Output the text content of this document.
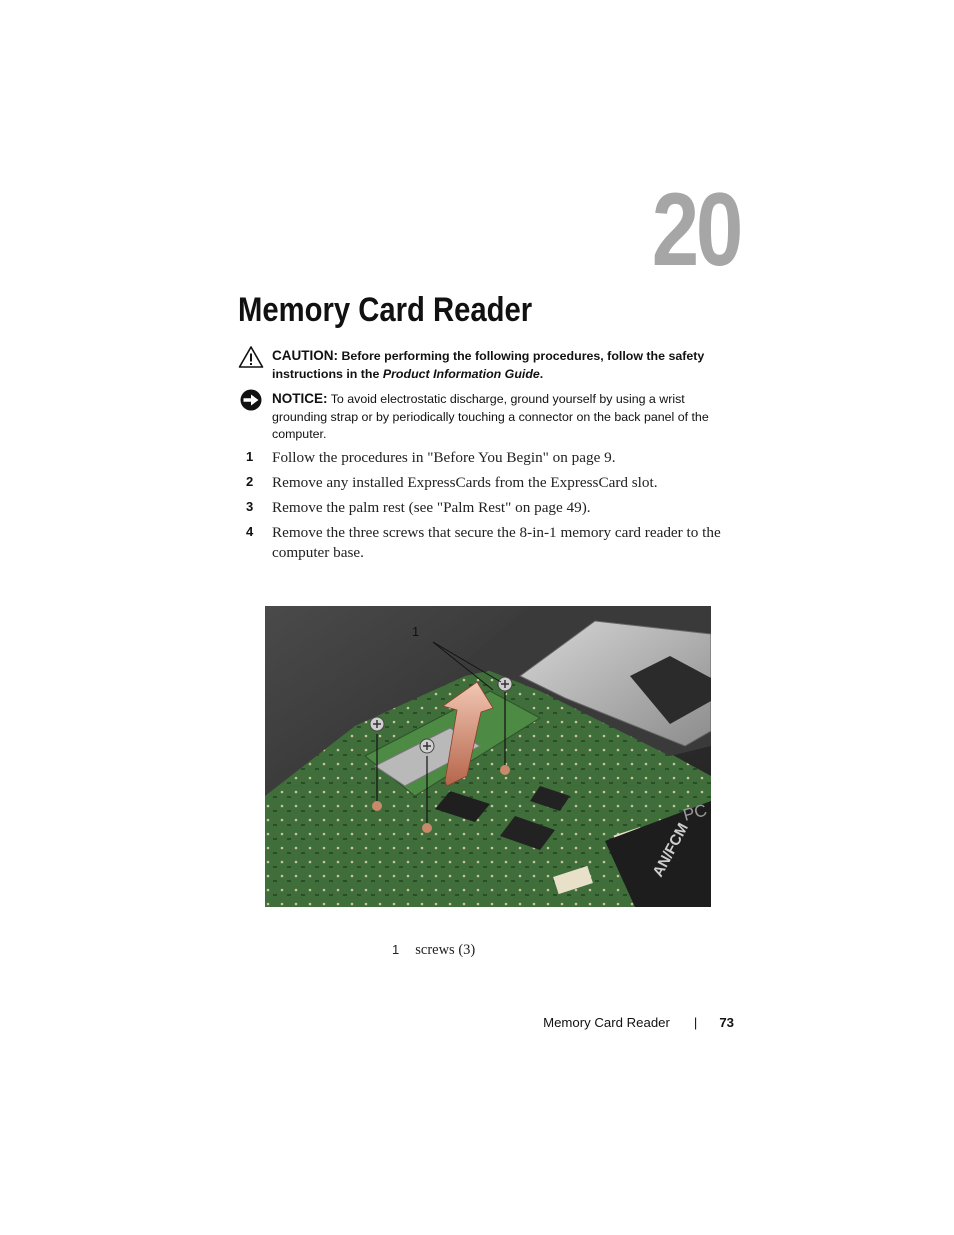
20
Memory Card Reader
CAUTION: Before performing the following procedures, follow the safety instructions in the Product Information Guide.
NOTICE: To avoid electrostatic discharge, ground yourself by using a wrist grounding strap or by periodically touching a connector on the back panel of the computer.
1 Follow the procedures in "Before You Begin" on page 9.
2 Remove any installed ExpressCards from the ExpressCard slot.
3 Remove the palm rest (see "Palm Rest" on page 49).
4 Remove the three screws that secure the 8-in-1 memory card reader to the computer base.
AN/FCM
PC
1
1 screws (3)
Memory Card Reader | 73
